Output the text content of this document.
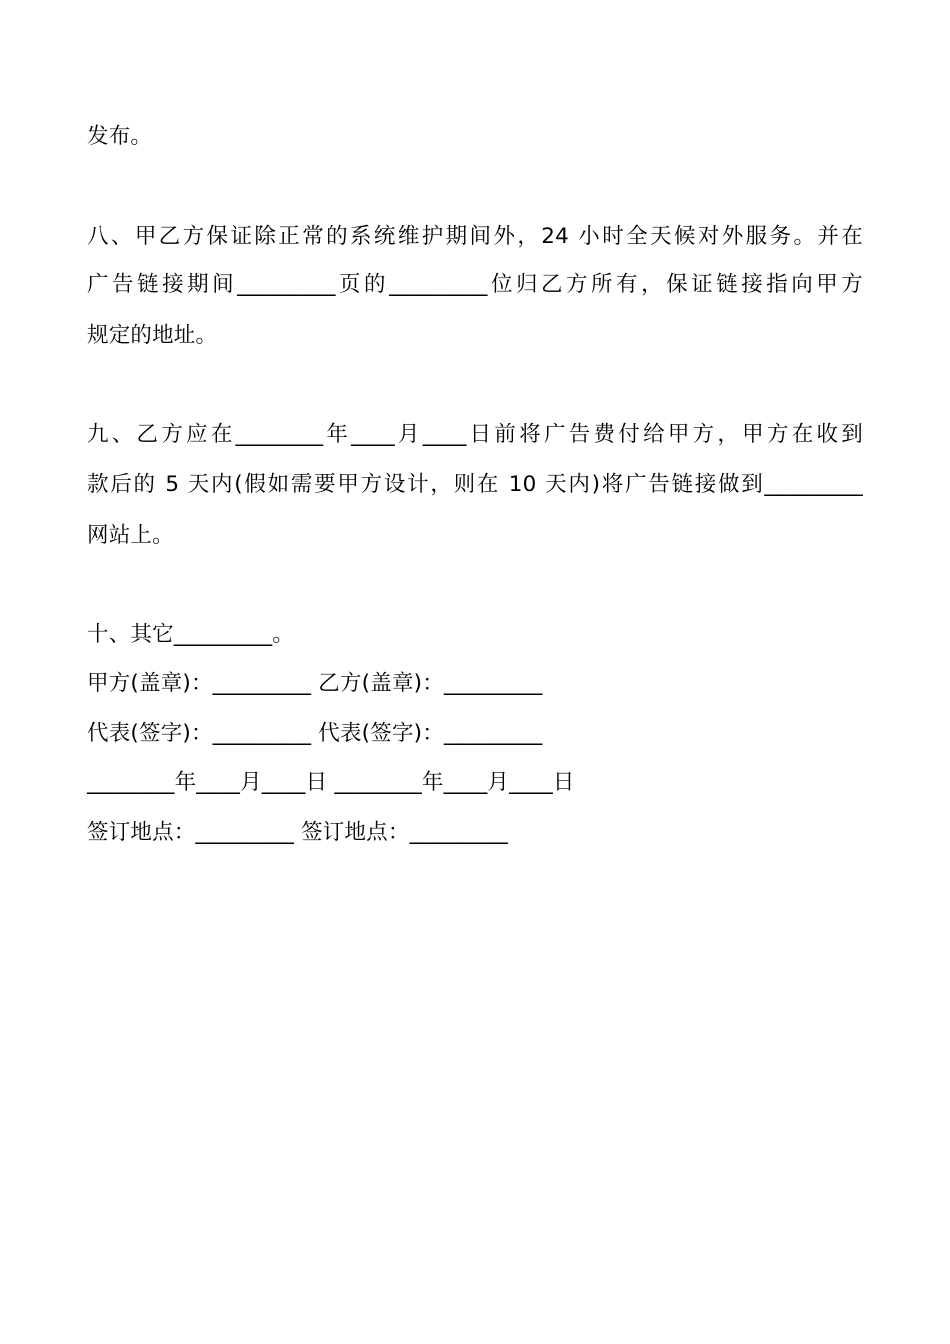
发布。
八、甲乙方保证除正常的系统维护期间外，24 小时全天候对外服务。并在
广告链接期间_________页的_________位归乙方所有，保证链接指向甲方
规定的地址。
九、乙方应在________年____月____日前将广告费付给甲方，甲方在收到
款后的 5 天内(假如需要甲方设计，则在 10 天内)将广告链接做到_________
网站上。
十、其它_________。
甲方(盖章)：_________ 乙方(盖章)：_________
代表(签字)：_________ 代表(签字)：_________
________年____月____日 ________年____月____日
签订地点：_________ 签订地点：_________
